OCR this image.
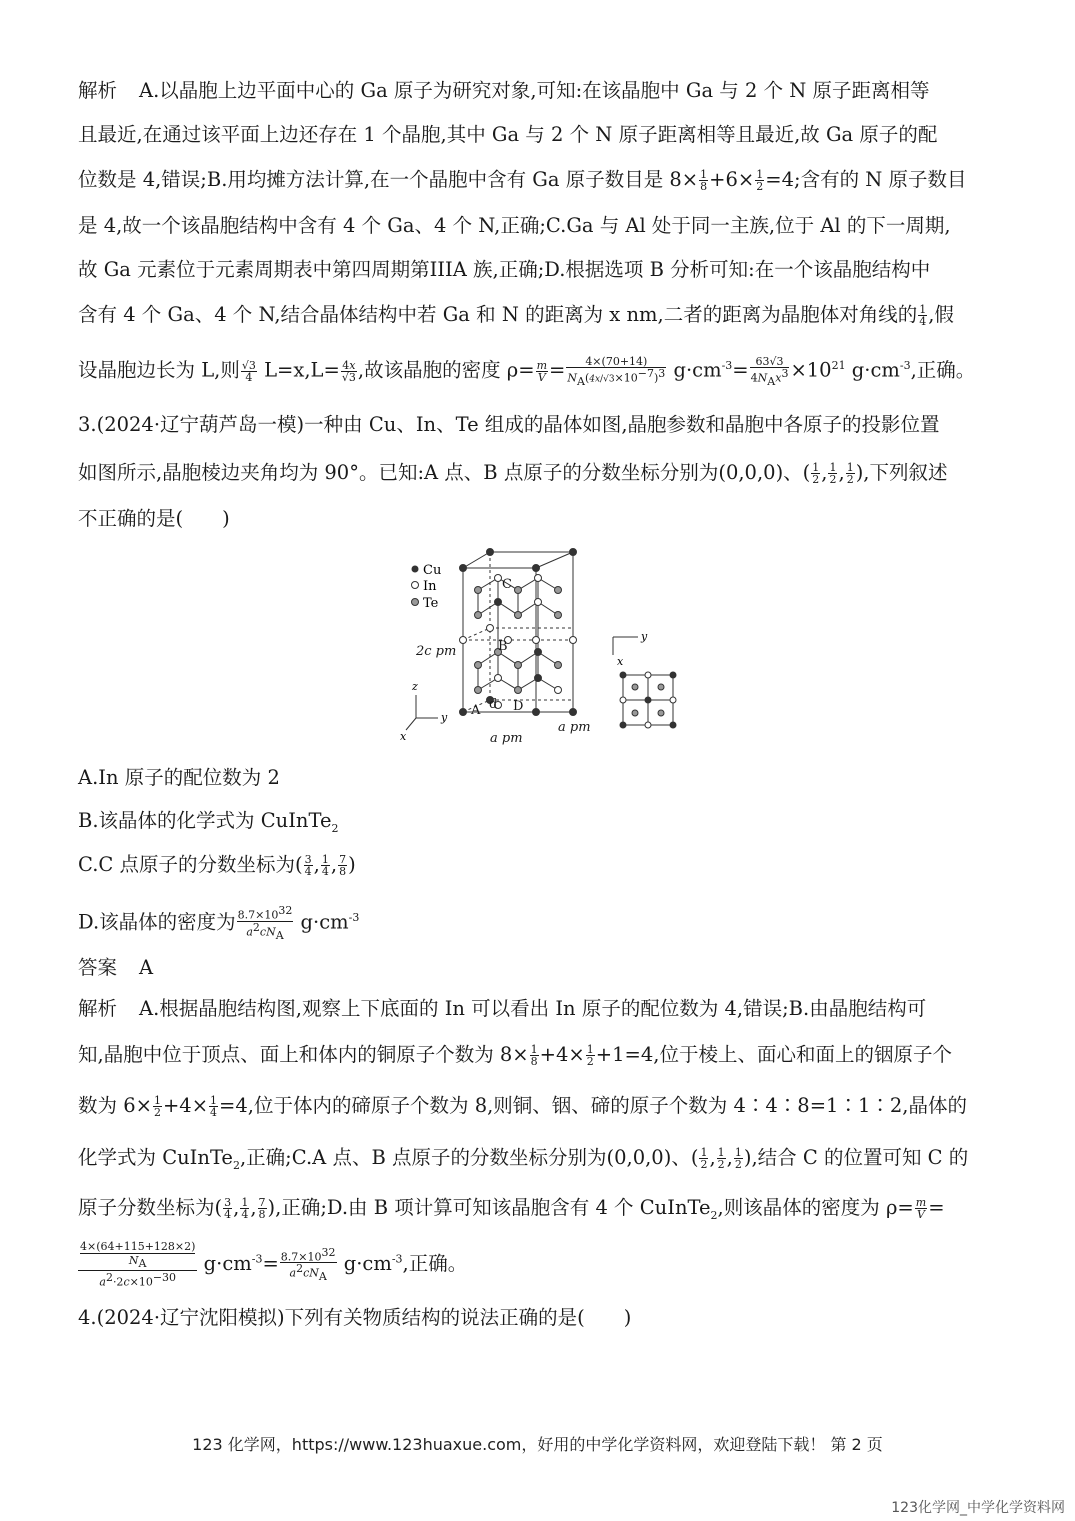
解析 A.以晶胞上边平面中心的 Ga 原子为研究对象,可知:在该晶胞中 Ga 与 2 个 N 原子距离相等
且最近,在通过该平面上边还存在 1 个晶胞,其中 Ga 与 2 个 N 原子距离相等且最近,故 Ga 原子的配
位数是 4,错误;B.用均摊方法计算,在一个晶胞中含有 Ga 原子数目是 $8\times \frac{1}{8} +6\times \frac{1}{2} =4$;含有的 N 原子数目
是 4,故一个该晶胞结构中含有 4 个 Ga、4 个 N,正确;C.Ga 与 Al 处于同一主族,位于 Al 的下一周期,
故 Ga 元素位于元素周期表中第四周期第IIIA 族,正确;D.根据选项 B 分析可知:在一个该晶胞结构中
含有 4 个 Ga、4 个 N,结合晶体结构中若 Ga 和 N 的距离为 x nm,二者的距离为晶胞体对角线的 $\frac{1}{4}$ ,假
设晶胞边长为 L,则 $\frac{√3}{4} L=x,L= \frac{4x}{√3}$ ,故该晶胞的密度 $\rho= \frac{m}{V} = \frac{4\times(70+14)}{N_A(4x/√3\times 10^{-7})^3} g\cdot cm^{-3}= \frac{63√3}{4N_Ax^3} \times 10^{21}$ $g\cdot cm^{-3}$,正确。
3.(2024·辽宁葫芦岛一模)一种由 Cu、In、Te 组成的晶体如图,晶胞参数和晶胞中各原子的投影位置
如图所示,晶胞棱边夹角均为 90°。已知:A 点、B 点原子的分数坐标分别为(0,0,0)、( $\frac{1}{2}$ , $\frac{1}{2}$ , $\frac{1}{2}$ ),下列叙述
不正确的是(　　)
Cu
In
Te
C
B
A d D
2c pm
a pm
a pm
z
y
x
y
x
A.In 原子的配位数为 2
B.该晶体的化学式为 CuInTe$_2$
C.C 点原子的分数坐标为( $\frac{3}{4}$ , $\frac{1}{4}$ , $\frac{7}{8}$ )
D.该晶体的密度为 $\frac{8.7\times 10^{32}}{a^2cN_A} g\cdot cm^{-3}$
答案 A
解析 A.根据晶胞结构图,观察上下底面的 In 可以看出 In 原子的配位数为 4,错误;B.由晶胞结构可
知,晶胞中位于顶点、面上和体内的铜原子个数为 $8\times \frac{1}{8} +4\times \frac{1}{2} +1=4$,位于棱上、面心和面上的铟原子个
数为 $6\times \frac{1}{2} +4\times \frac{1}{4} =4$,位于体内的碲原子个数为 8,则铜、铟、碲的原子个数为 4∶4∶8=1∶1∶2,晶体的
化学式为 CuInTe$_2$,正确;C.A 点、B 点原子的分数坐标分别为(0,0,0)、( $\frac{1}{2}$ , $\frac{1}{2}$ , $\frac{1}{2}$ ),结合 C 的位置可知 C 的
原子分数坐标为( $\frac{3}{4}$ , $\frac{1}{4}$ , $\frac{7}{8}$ ),正确;D.由 B 项计算可知该晶胞含有 4 个 CuInTe$_2$,则该晶体的密度为 $\rho= \frac{m}{V}$ =
4×(64+115+128×2)
$N_A$
$a^2\cdot 2c\times 10^{-30}$ $g\cdot cm^{-3}= \frac{8.7\times 10^{32}}{a^2cN_A} g\cdot cm^{-3}$,正确。
4.(2024·辽宁沈阳模拟)下列有关物质结构的说法正确的是(　　)
123 化学网，https://www.123huaxue.com，好用的中学化学资料网，欢迎登陆下载！ 第 2 页
123化学网_中学化学资料网
